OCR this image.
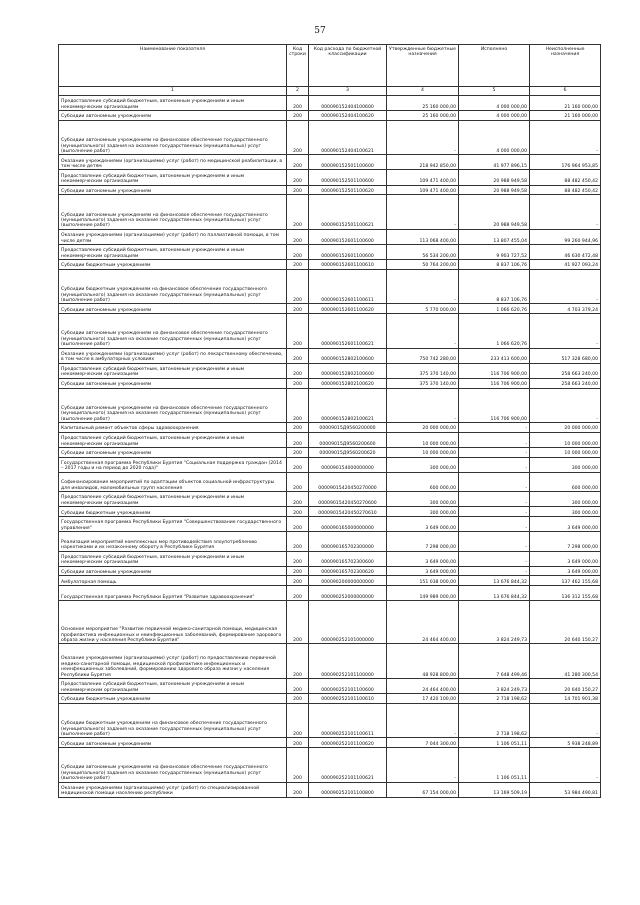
57
Наименование показателя	Код строки	Код расхода по бюджетной классификации	Утвержденные бюджетные назначения	Исполнено	Неисполненные назначения
1	2	3	4	5	6
Предоставление субсидий бюджетным, автономным учреждениям и иным некоммерческим организациям	200	000090152404100600	25 160 000,00	4 000 000,00	21 160 000,00
Субсидии автономным учреждениям	200	000090152404100620	25 160 000,00	4 000 000,00	21 160 000,00
Субсидии автономным учреждениям на финансовое обеспечение государственного (муниципального) задания на оказание государственных (муниципальных) услуг (выполнение работ)	200	000090152404100621	-	4 000 000,00	-
Оказание учреждениями (организациями) услуг (работ) по медицинской реабилитации, в том числе детям	200	000090152501100600	218 942 850,00	41 977 896,15	176 964 953,85
Предоставление субсидий бюджетным, автономным учреждениям и иным некоммерческим организациям	200	000090152501100600	109 471 400,00	20 988 949,58	88 482 450,42
Субсидии автономным учреждениям	200	000090152501100620	109 471 400,00	20 988 949,58	88 482 450,42
Субсидии автономным учреждениям на финансовое обеспечение государственного (муниципального) задания на оказание государственных (муниципальных) услуг (выполнение работ)	200	000090152501100621	-	20 988 949,58	-
Оказание учреждениями (организациями) услуг (работ) по паллиативной помощи, в том числе детям	200	000090152601100600	113 068 400,00	13 807 455,04	99 260 944,96
Предоставление субсидий бюджетным, автономным учреждениям и иным некоммерческим организациям	200	000090152601100600	56 534 200,00	9 903 727,52	46 630 472,48
Субсидии бюджетным учреждениям	200	000090152601100610	50 764 200,00	8 837 106,76	41 927 093,24
Субсидии бюджетным учреждениям на финансовое обеспечение государственного (муниципального) задания на оказание государственных (муниципальных) услуг (выполнение работ)	200	000090152601100611	-	8 837 106,76	-
Субсидии автономным учреждениям	200	000090152601100620	5 770 000,00	1 066 620,76	4 703 379,24
Субсидии автономным учреждениям на финансовое обеспечение государственного (муниципального) задания на оказание государственных (муниципальных) услуг (выполнение работ)	200	000090152601100621	-	1 066 620,76	-
Оказание учреждениями (организациями) услуг (работ) по лекарственному обеспечению, в том числе в амбулаторных условиях	200	000090152802100600	750 742 280,00	233 413 600,00	517 328 680,00
Предоставление субсидий бюджетным, автономным учреждениям и иным некоммерческим организациям	200	000090152802100600	375 370 140,00	116 706 900,00	258 663 240,00
Субсидии автономным учреждениям	200	000090152802100620	375 370 140,00	116 706 900,00	258 663 240,00
Субсидии автономным учреждениям на финансовое обеспечение государственного (муниципального) задания на оказание государственных (муниципальных) услуг (выполнение работ)	200	000090152802100621	-	116 706 900,00	-
Капитальный ремонт объектов сферы здравоохранения	200	00009015Д9560200000	20 000 000,00	-	20 000 000,00
Предоставление субсидий бюджетным, автономным учреждениям и иным некоммерческим организациям	200	00009015Д9560200600	10 000 000,00	-	10 000 000,00
Субсидии автономным учреждениям	200	00009015Д9560200620	10 000 000,00	-	10 000 000,00
Государственная программа Республики Бурятия "Социальная поддержка граждан (2014 – 2017 годы и на период до 2020 года)"	200	000090154000000000	300 000,00	-	300 000,00
Софинансирование мероприятий по адаптации объектов социальной инфраструктуры для инвалидов, маломобильных групп населения	200	00009015420450270000	600 000,00	-	600 000,00
Предоставление субсидий бюджетным, автономным учреждениям и иным некоммерческим организациям	200	00009015420450270600	300 000,00	-	300 000,00
Субсидии бюджетным учреждениям	200	00009015420450270610	300 000,00	-	300 000,00
Государственная программа Республики Бурятия "Совершенствование государственного управления"	200	000090165000000000	3 649 000,00	-	3 649 000,00
Реализация мероприятий комплексных мер противодействия злоупотреблению наркотиками и их незаконному обороту в Республике Бурятия	200	000090165702300000	7 298 000,00	-	7 298 000,00
Предоставление субсидий бюджетным, автономным учреждениям и иным некоммерческим организациям	200	000090165702300600	3 649 000,00	-	3 649 000,00
Субсидии автономным учреждениям	200	000090165702300620	3 649 000,00	-	3 649 000,00
Амбулаторная помощь	200	000090200000000000	151 038 000,00	13 676 844,32	137 462 155,68
Государственная программа Республики Бурятия "Развитие здравоохранения"	200	000090252000000000	149 989 000,00	13 676 844,32	136 312 155,68
Основное мероприятие "Развитие первичной медико-санитарной помощи, медицинская профилактика инфекционных и неинфекционных заболеваний, формирование здорового образа жизни у населения Республики Бурятия"	200	000090252101000000	24 464 400,00	3 824 249,73	20 640 150,27
Оказание учреждениями (организациями) услуг (работ) по предоставлению первичной медико-санитарной помощи, медицинской профилактике инфекционных и неинфекционных заболеваний, формированию здорового образа жизни у населения Республики Бурятия	200	000090252101100000	48 928 800,00	7 648 499,46	41 280 300,54
Предоставление субсидий бюджетным, автономным учреждениям и иным некоммерческим организациям	200	000090252101100600	24 464 400,00	3 824 249,73	20 640 150,27
Субсидии бюджетным учреждениям	200	000090252101100610	17 420 100,00	2 718 198,62	14 701 901,38
Субсидии бюджетным учреждениям на финансовое обеспечение государственного (муниципального) задания на оказание государственных (муниципальных) услуг (выполнение работ)	200	000090252101100611	-	2 718 198,62	-
Субсидии автономным учреждениям	200	000090252101100620	7 044 300,00	1 106 051,11	5 938 248,89
Субсидии автономным учреждениям на финансовое обеспечение государственного (муниципального) задания на оказание государственных (муниципальных) услуг (выполнение работ)	200	000090252101100621	-	1 106 051,11	-
Оказание учреждениями (организациями) услуг (работ) по специализированной медицинской помощи населению республики	200	000090252101100800	67 154 000,00	13 169 509,19	53 984 490,81
